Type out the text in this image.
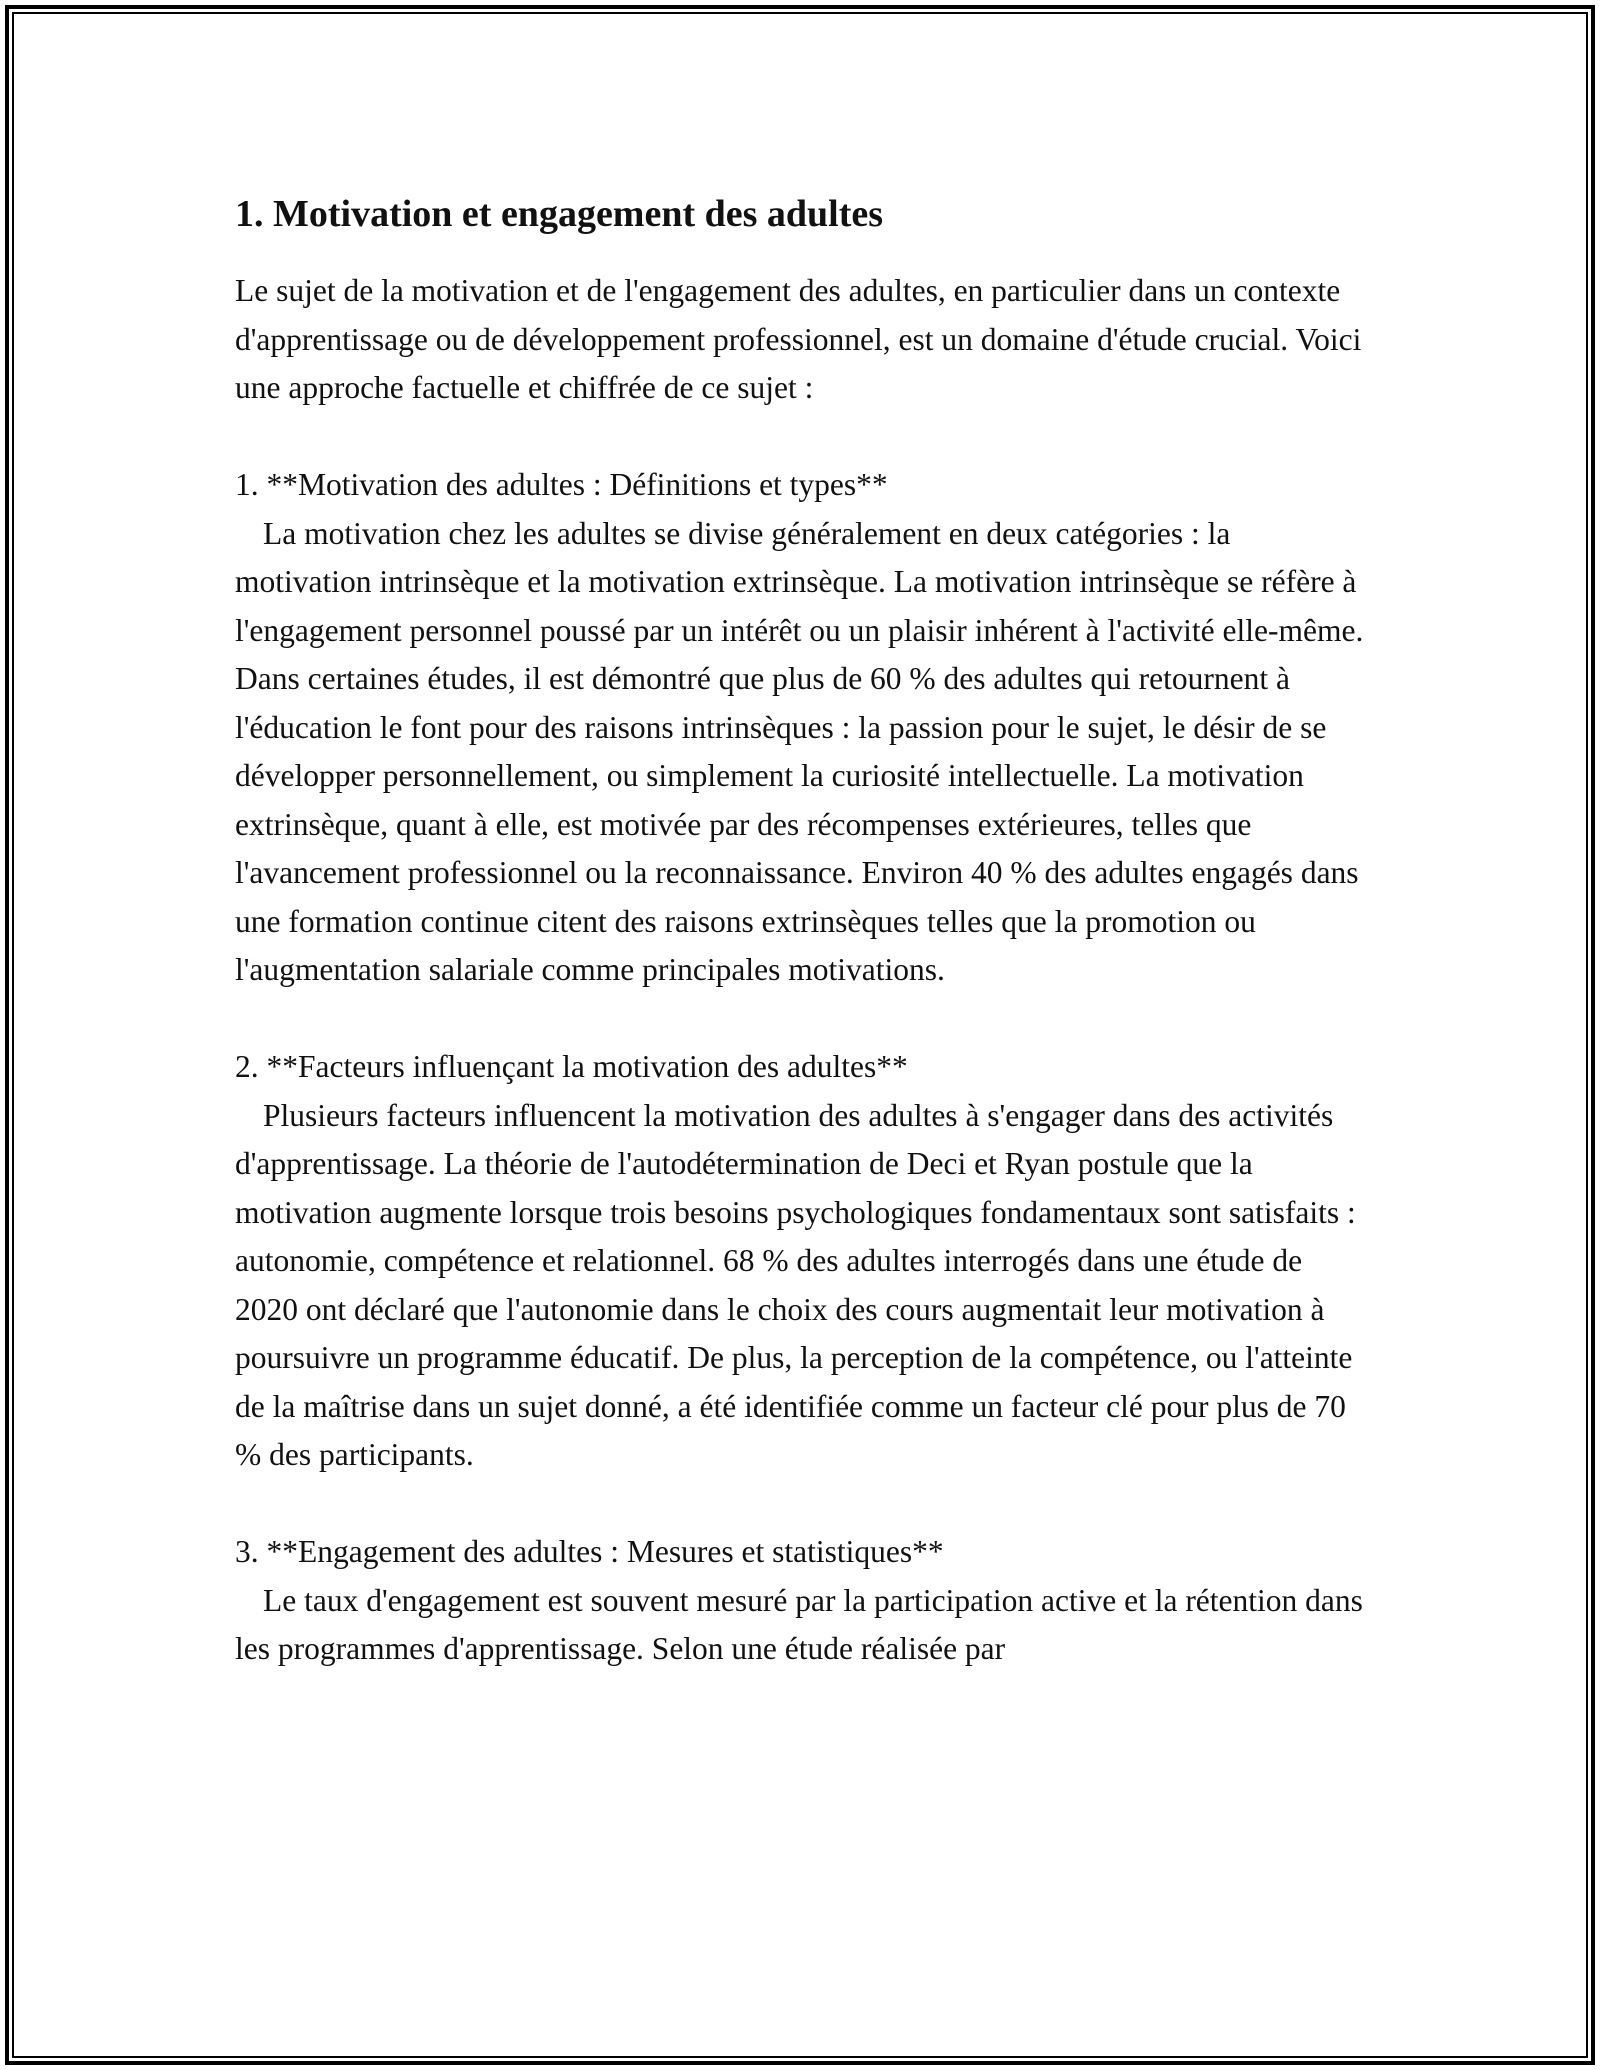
1. Motivation et engagement des adultes

Le sujet de la motivation et de l'engagement des adultes, en particulier dans un contexte d'apprentissage ou de développement professionnel, est un domaine d'étude crucial. Voici une approche factuelle et chiffrée de ce sujet :

1. **Motivation des adultes : Définitions et types**

La motivation chez les adultes se divise généralement en deux catégories : la motivation intrinsèque et la motivation extrinsèque. La motivation intrinsèque se réfère à l'engagement personnel poussé par un intérêt ou un plaisir inhérent à l'activité elle-même. Dans certaines études, il est démontré que plus de 60 % des adultes qui retournent à l'éducation le font pour des raisons intrinsèques : la passion pour le sujet, le désir de se développer personnellement, ou simplement la curiosité intellectuelle. La motivation extrinsèque, quant à elle, est motivée par des récompenses extérieures, telles que l'avancement professionnel ou la reconnaissance. Environ 40 % des adultes engagés dans une formation continue citent des raisons extrinsèques telles que la promotion ou l'augmentation salariale comme principales motivations.

2. **Facteurs influençant la motivation des adultes**

Plusieurs facteurs influencent la motivation des adultes à s'engager dans des activités d'apprentissage. La théorie de l'autodétermination de Deci et Ryan postule que la motivation augmente lorsque trois besoins psychologiques fondamentaux sont satisfaits : autonomie, compétence et relationnel. 68 % des adultes interrogés dans une étude de 2020 ont déclaré que l'autonomie dans le choix des cours augmentait leur motivation à poursuivre un programme éducatif. De plus, la perception de la compétence, ou l'atteinte de la maîtrise dans un sujet donné, a été identifiée comme un facteur clé pour plus de 70 % des participants.

3. **Engagement des adultes : Mesures et statistiques**

Le taux d'engagement est souvent mesuré par la participation active et la rétention dans les programmes d'apprentissage. Selon une étude réalisée par
